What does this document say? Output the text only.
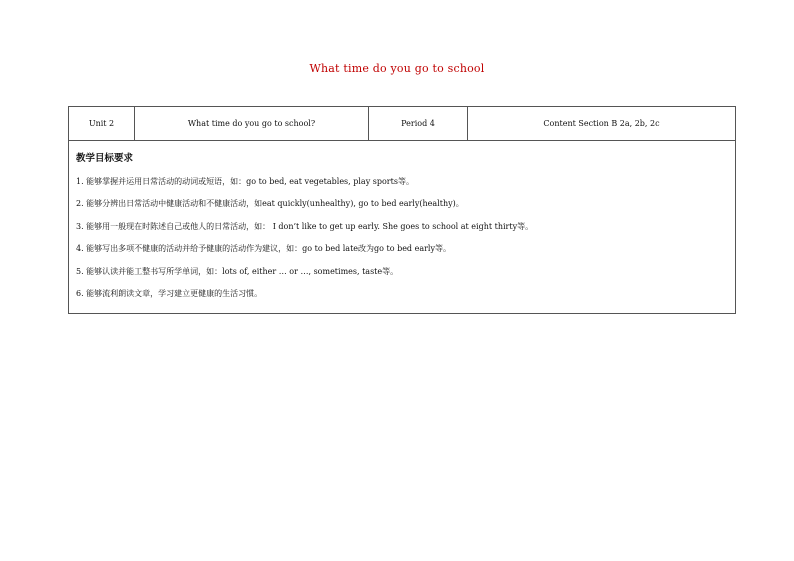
What time do you go to school
Unit 2	What time do you go to school?	Period 4	Content Section B 2a, 2b, 2c

教学目标要求
1. 能够掌握并运用日常活动的动词或短语，如：go to bed, eat vegetables, play sports等。
2. 能够分辨出日常活动中健康活动和不健康活动，如eat quickly(unhealthy), go to bed early(healthy)。
3. 能够用一般现在时陈述自己或他人的日常活动，如： I don’t like to get up early. She goes to school at eight thirty等。
4. 能够写出多项不健康的活动并给予健康的活动作为建议，如：go to bed late改为go to bed early等。
5. 能够认读并能工整书写所学单词，如：lots of, either … or …, sometimes, taste等。
6. 能够流利朗读文章，学习建立更健康的生活习惯。
